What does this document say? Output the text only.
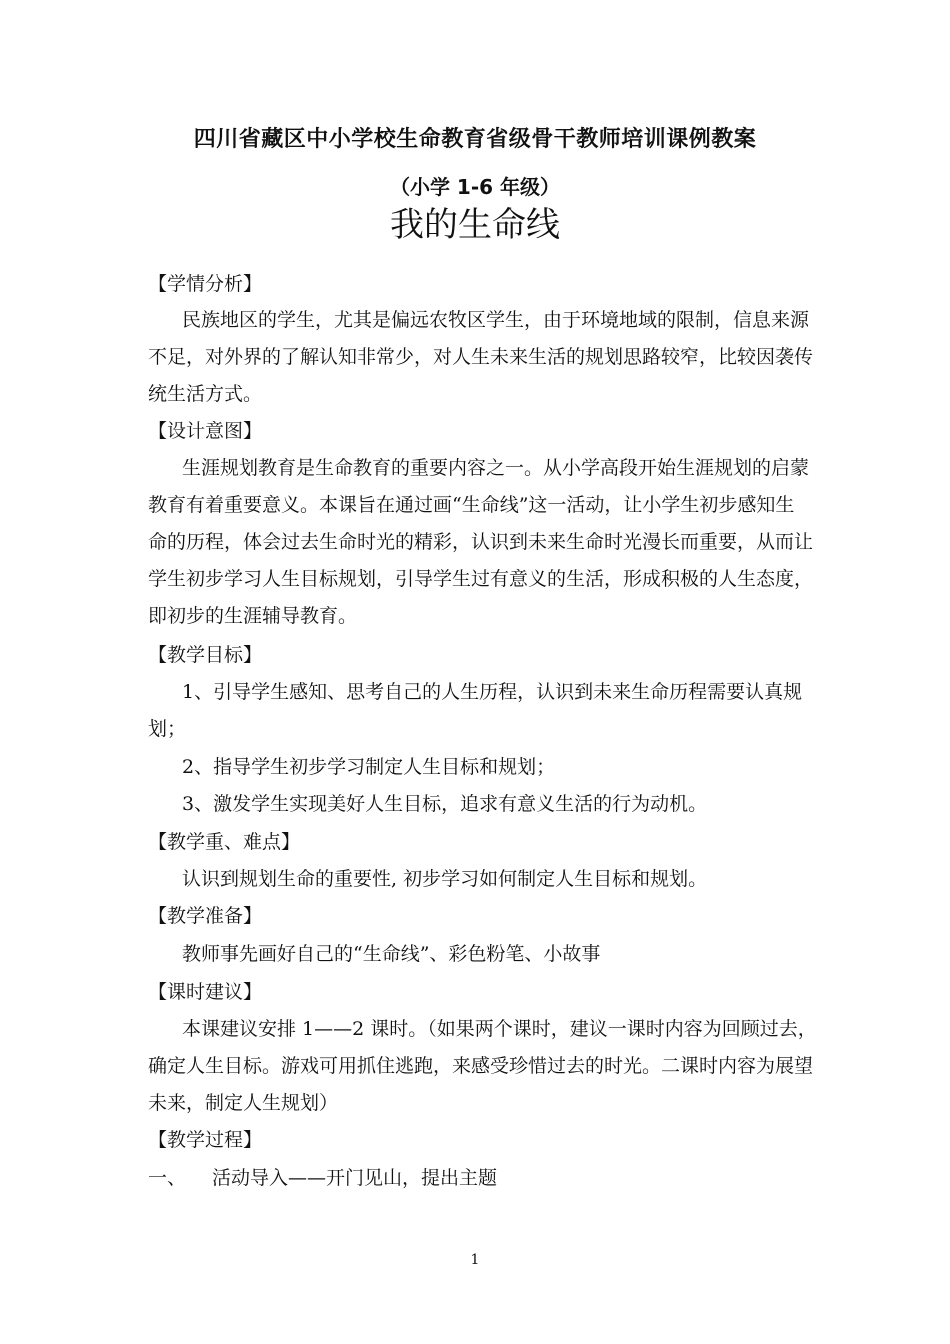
四川省藏区中小学校生命教育省级骨干教师培训课例教案
（小学 1-6 年级）
我的生命线
【学情分析】
民族地区的学生，尤其是偏远农牧区学生，由于环境地域的限制，信息来源
不足，对外界的了解认知非常少，对人生未来生活的规划思路较窄，比较因袭传
统生活方式。
【设计意图】
生涯规划教育是生命教育的重要内容之一。从小学高段开始生涯规划的启蒙
教育有着重要意义。本课旨在通过画“生命线”这一活动，让小学生初步感知生
命的历程，体会过去生命时光的精彩，认识到未来生命时光漫长而重要，从而让
学生初步学习人生目标规划，引导学生过有意义的生活，形成积极的人生态度，
即初步的生涯辅导教育。
【教学目标】
1、引导学生感知、思考自己的人生历程，认识到未来生命历程需要认真规
划；
2、指导学生初步学习制定人生目标和规划；
3、激发学生实现美好人生目标，追求有意义生活的行为动机。
【教学重、难点】
认识到规划生命的重要性, 初步学习如何制定人生目标和规划。
【教学准备】
教师事先画好自己的“生命线”、彩色粉笔、小故事
【课时建议】
本课建议安排 1——2 课时。（如果两个课时，建议一课时内容为回顾过去，
确定人生目标。游戏可用抓住逃跑，来感受珍惜过去的时光。二课时内容为展望
未来，制定人生规划）
【教学过程】
一、 活动导入——开门见山，提出主题
1
